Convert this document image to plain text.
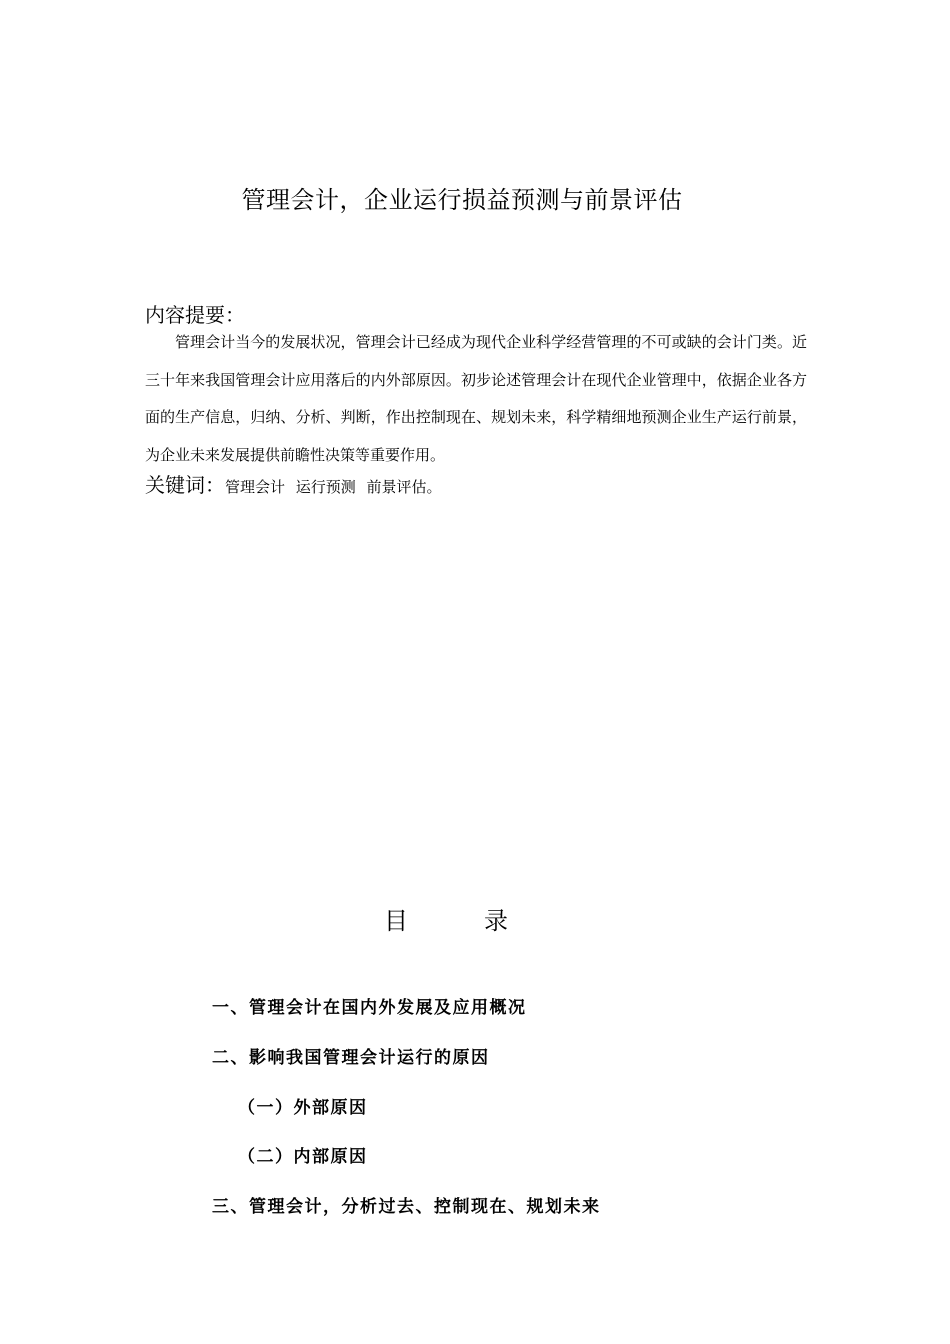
管理会计，企业运行损益预测与前景评估
内容提要：
管理会计当今的发展状况，管理会计已经成为现代企业科学经营管理的不可或缺的会计门类。近三十年来我国管理会计应用落后的内外部原因。初步论述管理会计在现代企业管理中，依据企业各方面的生产信息，归纳、分析、判断，作出控制现在、规划未来，科学精细地预测企业生产运行前景，为企业未来发展提供前瞻性决策等重要作用。
关键词：管理会计 运行预测 前景评估。
目	录
一、管理会计在国内外发展及应用概况
二、影响我国管理会计运行的原因
（一）外部原因
（二）内部原因
三、管理会计，分析过去、控制现在、规划未来
